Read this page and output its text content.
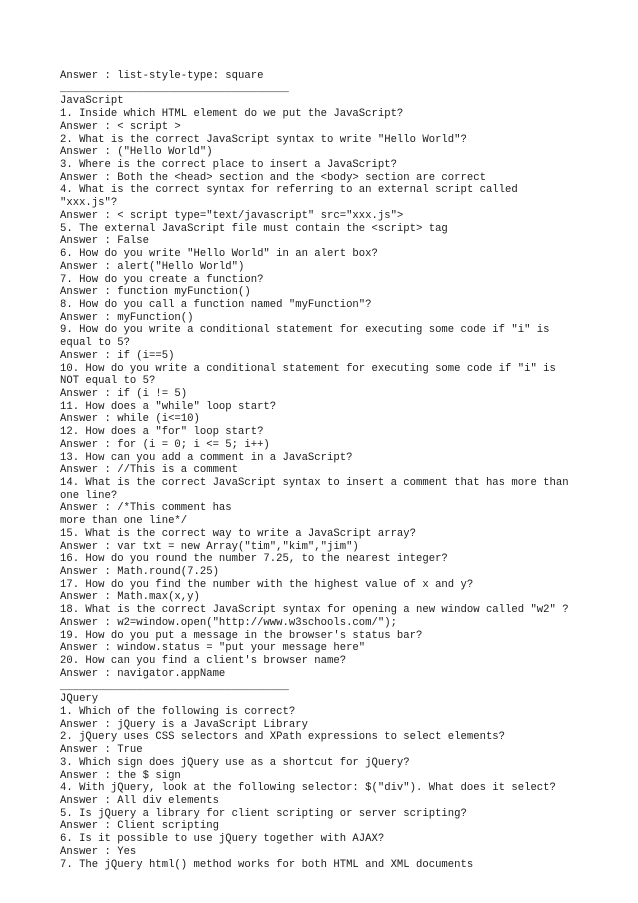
Answer : list-style-type: square
____________________________________
JavaScript
1. Inside which HTML element do we put the JavaScript?
Answer : < script >
2. What is the correct JavaScript syntax to write "Hello World"?
Answer : ("Hello World")
3. Where is the correct place to insert a JavaScript?
Answer : Both the <head> section and the <body> section are correct
4. What is the correct syntax for referring to an external script called
"xxx.js"?
Answer : < script type="text/javascript" src="xxx.js">
5. The external JavaScript file must contain the <script> tag
Answer : False
6. How do you write "Hello World" in an alert box?
Answer : alert("Hello World")
7. How do you create a function?
Answer : function myFunction()
8. How do you call a function named "myFunction"?
Answer : myFunction()
9. How do you write a conditional statement for executing some code if "i" is
equal to 5?
Answer : if (i==5)
10. How do you write a conditional statement for executing some code if "i" is
NOT equal to 5?
Answer : if (i != 5)
11. How does a "while" loop start?
Answer : while (i<=10)
12. How does a "for" loop start?
Answer : for (i = 0; i <= 5; i++)
13. How can you add a comment in a JavaScript?
Answer : //This is a comment
14. What is the correct JavaScript syntax to insert a comment that has more than
one line?
Answer : /*This comment has
more than one line*/
15. What is the correct way to write a JavaScript array?
Answer : var txt = new Array("tim","kim","jim")
16. How do you round the number 7.25, to the nearest integer?
Answer : Math.round(7.25)
17. How do you find the number with the highest value of x and y?
Answer : Math.max(x,y)
18. What is the correct JavaScript syntax for opening a new window called "w2" ?
Answer : w2=window.open("http://www.w3schools.com/");
19. How do you put a message in the browser's status bar?
Answer : window.status = "put your message here"
20. How can you find a client's browser name?
Answer : navigator.appName
____________________________________
JQuery
1. Which of the following is correct?
Answer : jQuery is a JavaScript Library
2. jQuery uses CSS selectors and XPath expressions to select elements?
Answer : True
3. Which sign does jQuery use as a shortcut for jQuery?
Answer : the $ sign
4. With jQuery, look at the following selector: $("div"). What does it select?
Answer : All div elements
5. Is jQuery a library for client scripting or server scripting?
Answer : Client scripting
6. Is it possible to use jQuery together with AJAX?
Answer : Yes
7. The jQuery html() method works for both HTML and XML documents
